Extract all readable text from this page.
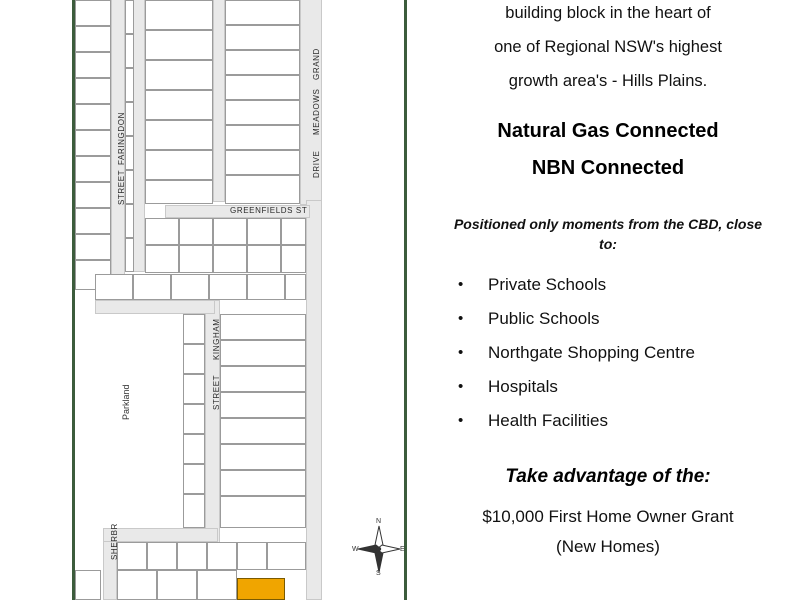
Parkland
GRAND
MEADOWS
DRIVE
FARINGDON
STREET
GREENFIELDS ST
KINGHAM
STREET
SHERBR
N
S
W	E
building block in the heart of
one of Regional NSW's highest
growth area's - Hills Plains.
Natural Gas Connected
NBN Connected
Positioned only moments from the CBD, close
to:
• Private Schools
• Public Schools
• Northgate Shopping Centre
• Hospitals
• Health Facilities
Take advantage of the:
$10,000 First Home Owner Grant
(New Homes)
